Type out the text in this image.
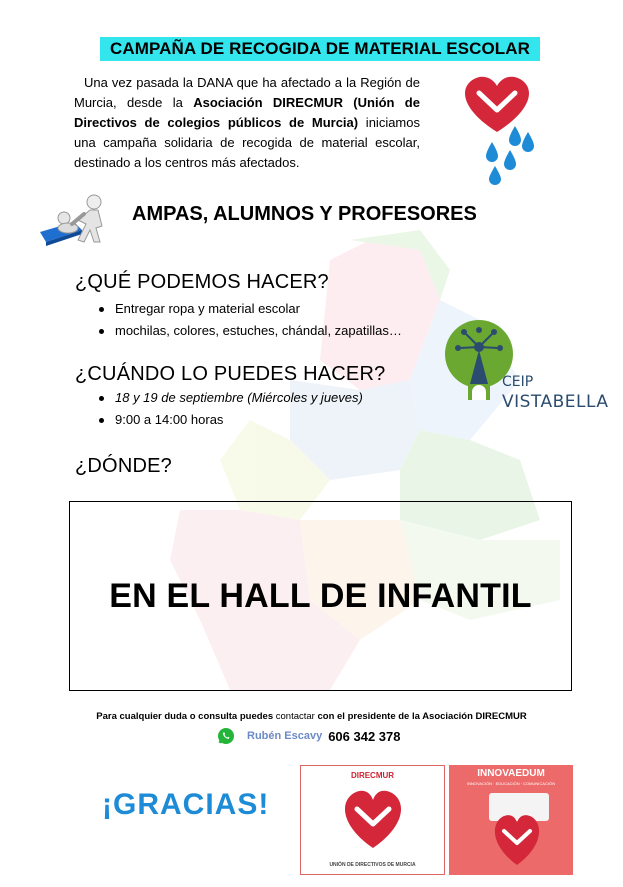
CAMPAÑA DE RECOGIDA DE MATERIAL ESCOLAR
Una vez pasada la DANA que ha afectado a la Región de Murcia, desde la Asociación DIRECMUR (Unión de Directivos de colegios públicos de Murcia) iniciamos una campaña solidaria de recogida de material escolar, destinado a los centros más afectados.
AMPAS, ALUMNOS Y PROFESORES
¿QUÉ PODEMOS HACER?
Entregar ropa y material escolar
mochilas, colores, estuches, chándal, zapatillas…
¿CUÁNDO LO PUEDES HACER?
18 y 19 de septiembre (Miércoles y jueves)
9:00 a 14:00 horas
CEIP
VISTABELLA
¿DÓNDE?
EN EL HALL DE INFANTIL
Para cualquier duda o consulta puedes contactar con el presidente de la Asociación DIRECMUR
Rubén Escavy 606 342 378
¡GRACIAS!
DIRECMUR
UNIÓN DE DIRECTIVOS DE MURCIA
INNOVAEDUM
INNOVACIÓN · EDUCACIÓN · COMUNICACIÓN
